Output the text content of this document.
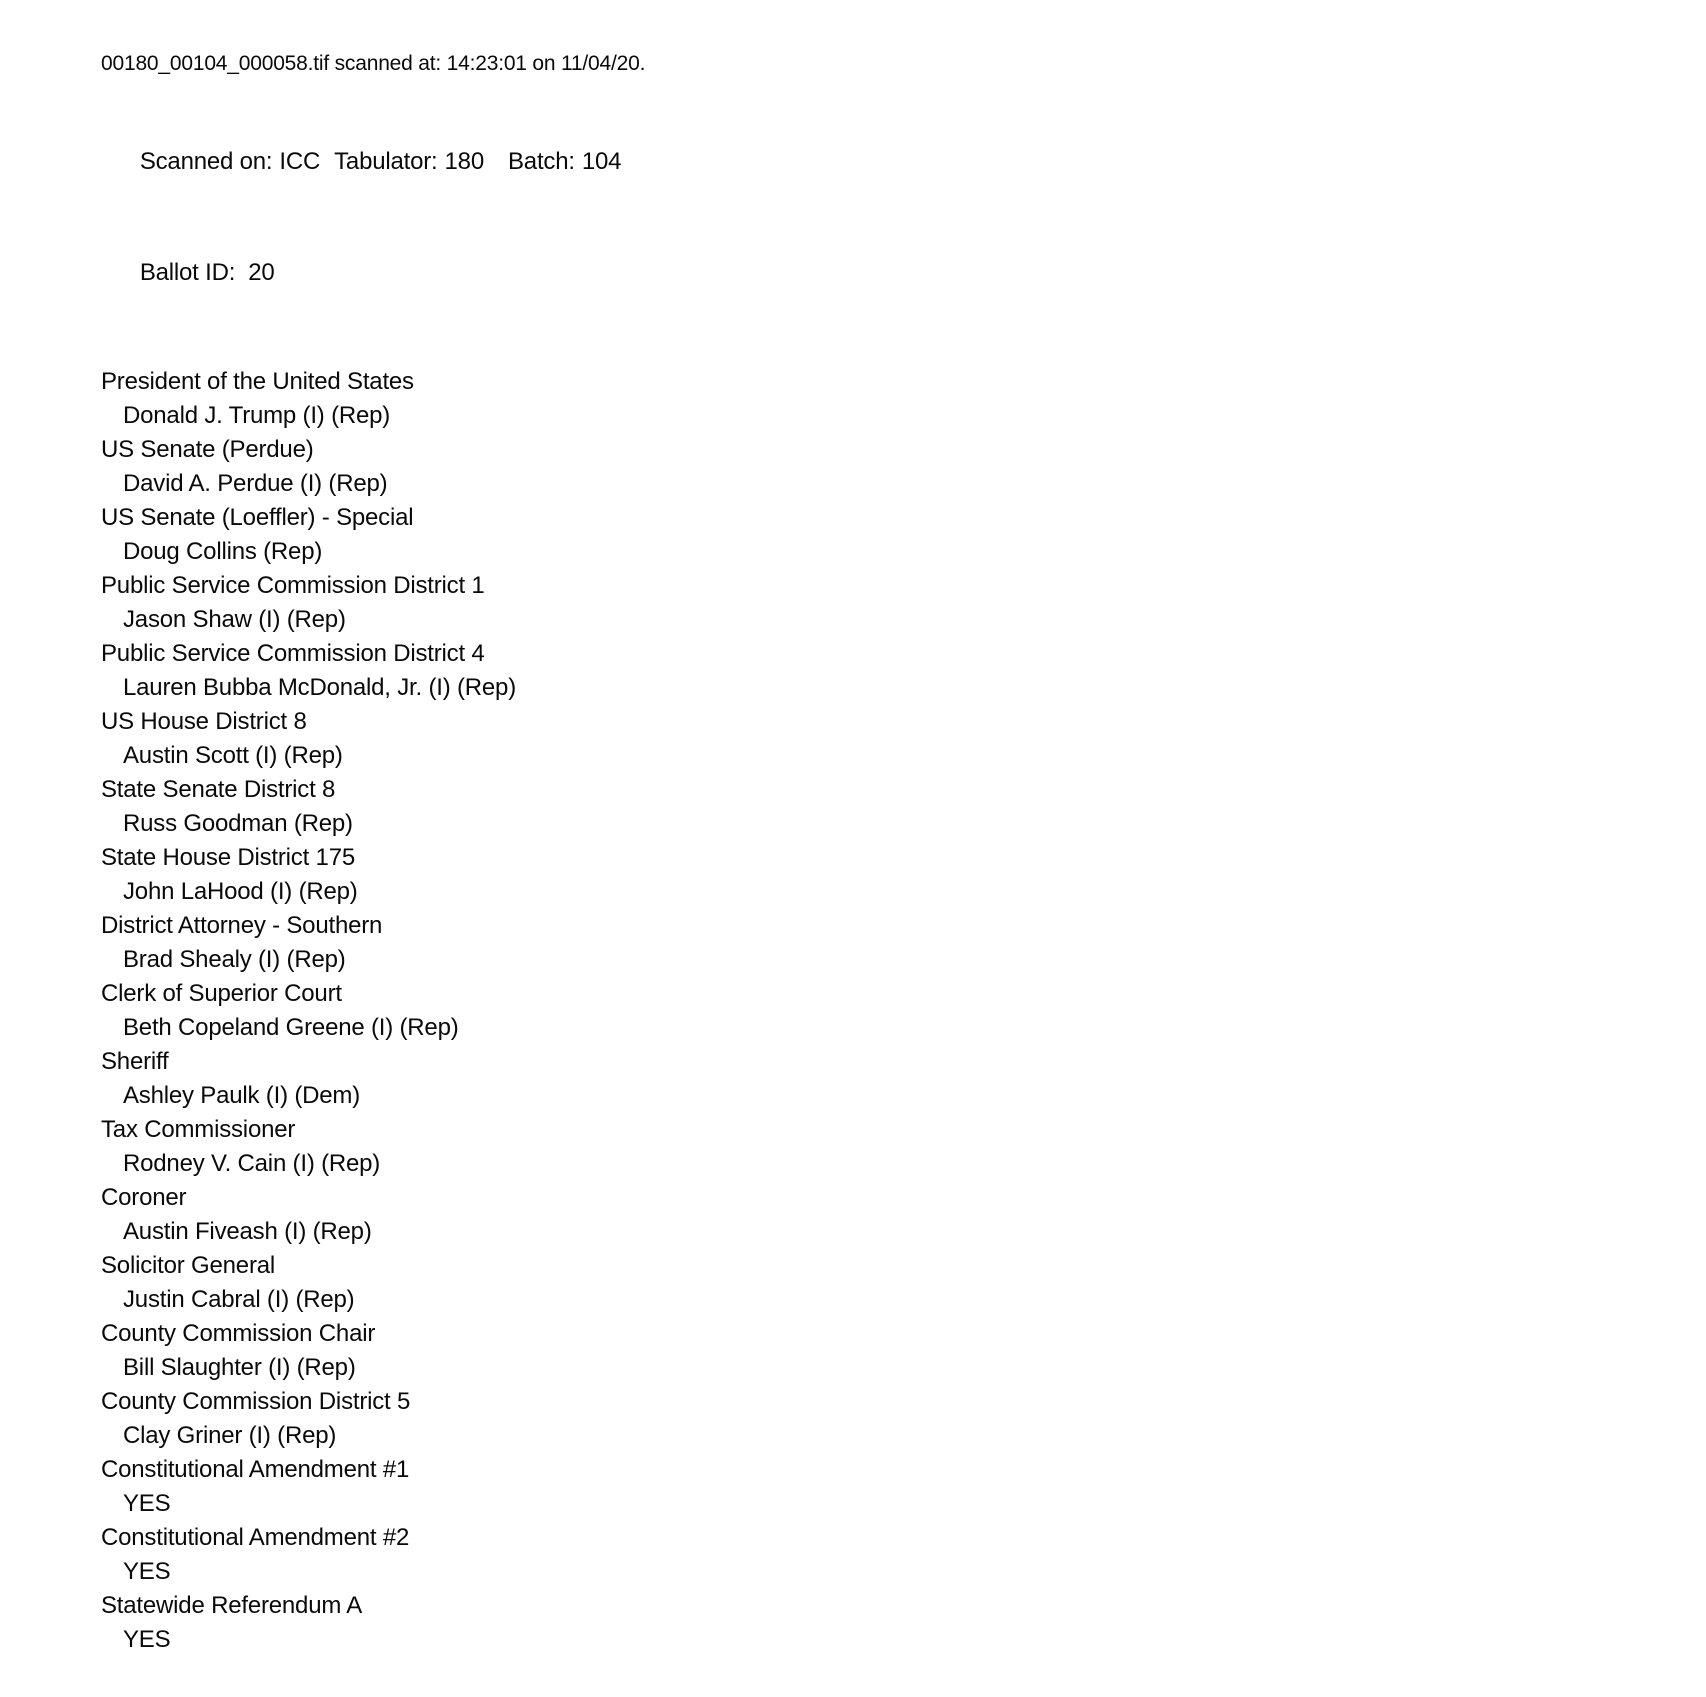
00180_00104_000058.tif scanned at: 14:23:01 on 11/04/20.

Scanned on: ICC Tabulator: 180 Batch: 104

Ballot ID: 20

President of the United States
Donald J. Trump (I) (Rep)
US Senate (Perdue)
David A. Perdue (I) (Rep)
US Senate (Loeffler) - Special
Doug Collins (Rep)
Public Service Commission District 1
Jason Shaw (I) (Rep)
Public Service Commission District 4
Lauren Bubba McDonald, Jr. (I) (Rep)
US House District 8
Austin Scott (I) (Rep)
State Senate District 8
Russ Goodman (Rep)
State House District 175
John LaHood (I) (Rep)
District Attorney - Southern
Brad Shealy (I) (Rep)
Clerk of Superior Court
Beth Copeland Greene (I) (Rep)
Sheriff
Ashley Paulk (I) (Dem)
Tax Commissioner
Rodney V. Cain (I) (Rep)
Coroner
Austin Fiveash (I) (Rep)
Solicitor General
Justin Cabral (I) (Rep)
County Commission Chair
Bill Slaughter (I) (Rep)
County Commission District 5
Clay Griner (I) (Rep)
Constitutional Amendment #1
YES
Constitutional Amendment #2
YES
Statewide Referendum A
YES
